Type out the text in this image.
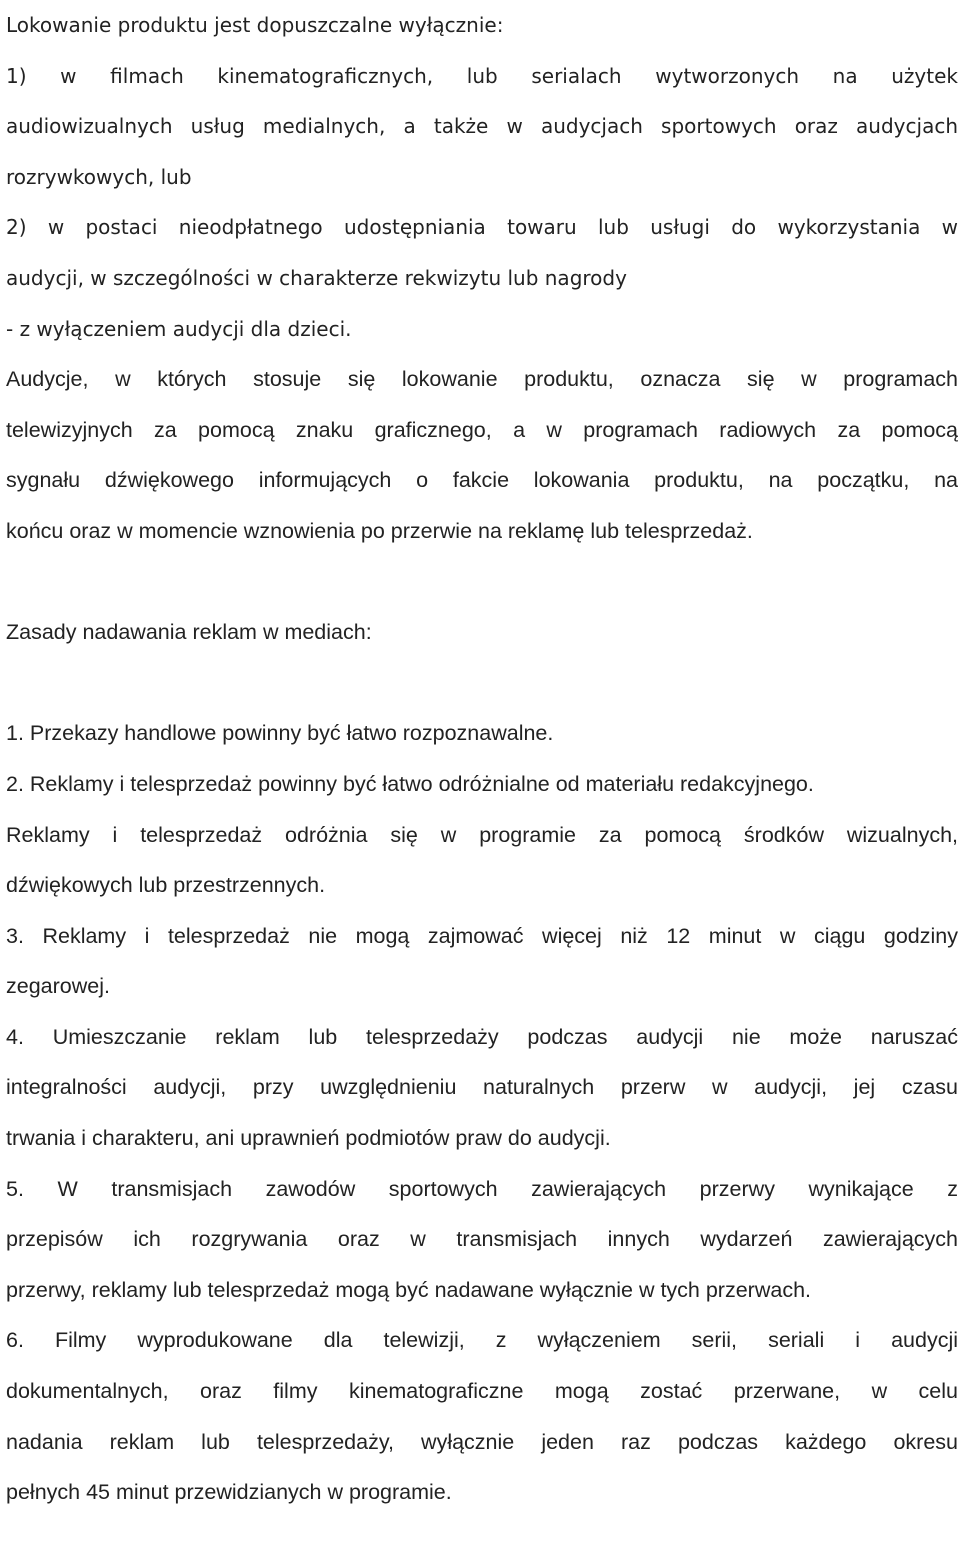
Lokowanie produktu jest dopuszczalne wyłącznie:
1) w filmach kinematograficznych, lub serialach wytworzonych na użytek
audiowizualnych usług medialnych, a także w audycjach sportowych oraz audycjach
rozrywkowych, lub
2) w postaci nieodpłatnego udostępniania towaru lub usługi do wykorzystania w
audycji, w szczególności w charakterze rekwizytu lub nagrody
- z wyłączeniem audycji dla dzieci.
Audycje, w których stosuje się lokowanie produktu, oznacza się w programach
telewizyjnych za pomocą znaku graficznego, a w programach radiowych za pomocą
sygnału dźwiękowego informujących o fakcie lokowania produktu, na początku, na
końcu oraz w momencie wznowienia po przerwie na reklamę lub telesprzedaż.
Zasady nadawania reklam w mediach:
1. Przekazy handlowe powinny być łatwo rozpoznawalne.
2. Reklamy i telesprzedaż powinny być łatwo odróżnialne od materiału redakcyjnego.
Reklamy i telesprzedaż odróżnia się w programie za pomocą środków wizualnych,
dźwiękowych lub przestrzennych.
3. Reklamy i telesprzedaż nie mogą zajmować więcej niż 12 minut w ciągu godziny
zegarowej.
4. Umieszczanie reklam lub telesprzedaży podczas audycji nie może naruszać
integralności audycji, przy uwzględnieniu naturalnych przerw w audycji, jej czasu
trwania i charakteru, ani uprawnień podmiotów praw do audycji.
5. W transmisjach zawodów sportowych zawierających przerwy wynikające z
przepisów ich rozgrywania oraz w transmisjach innych wydarzeń zawierających
przerwy, reklamy lub telesprzedaż mogą być nadawane wyłącznie w tych przerwach.
6. Filmy wyprodukowane dla telewizji, z wyłączeniem serii, seriali i audycji
dokumentalnych, oraz filmy kinematograficzne mogą zostać przerwane, w celu
nadania reklam lub telesprzedaży, wyłącznie jeden raz podczas każdego okresu
pełnych 45 minut przewidzianych w programie.
